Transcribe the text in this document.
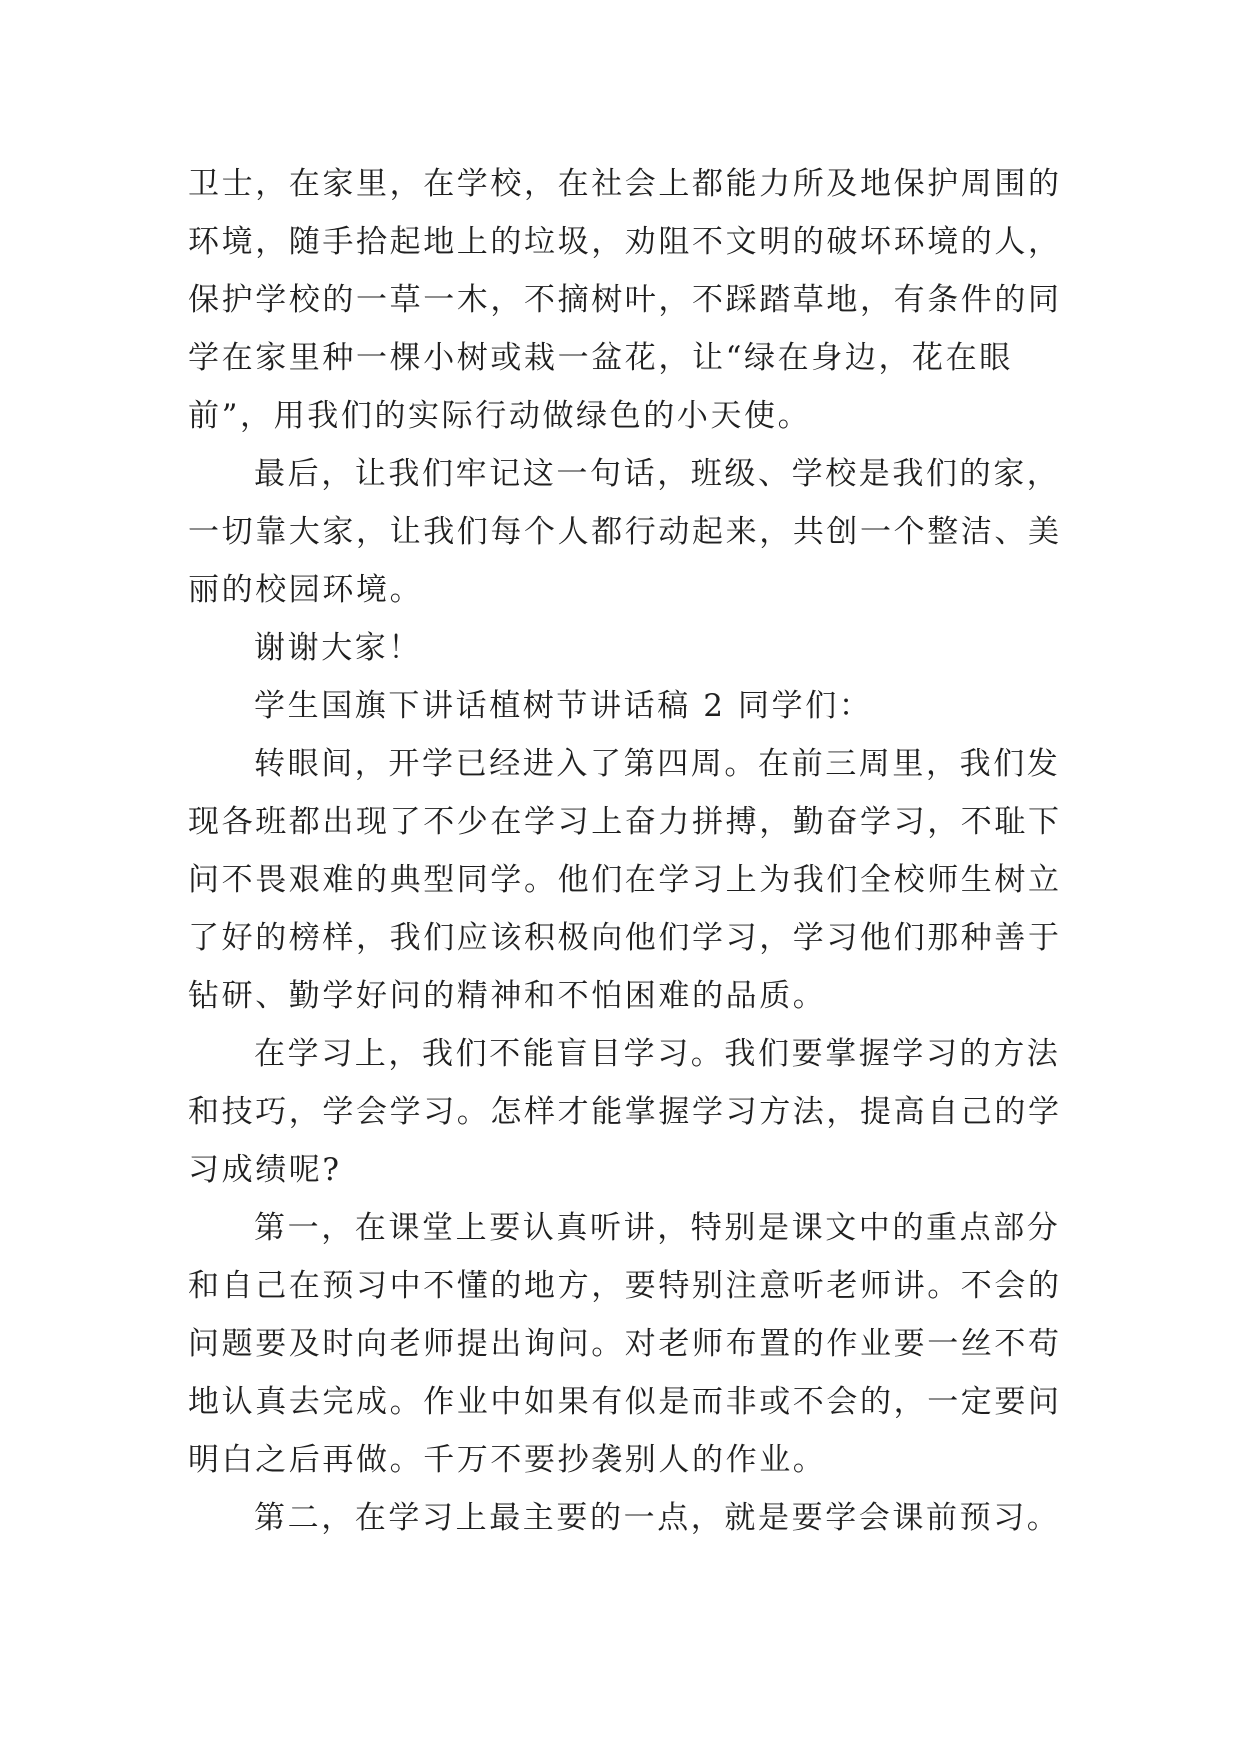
卫士，在家里，在学校，在社会上都能力所及地保护周围的
环境，随手拾起地上的垃圾，劝阻不文明的破坏环境的人，
保护学校的一草一木，不摘树叶，不踩踏草地，有条件的同
学在家里种一棵小树或栽一盆花，让“绿在身边，花在眼
前”，用我们的实际行动做绿色的小天使。
最后，让我们牢记这一句话，班级、学校是我们的家，
一切靠大家，让我们每个人都行动起来，共创一个整洁、美
丽的校园环境。
谢谢大家！
学生国旗下讲话植树节讲话稿 2 同学们：
转眼间，开学已经进入了第四周。在前三周里，我们发
现各班都出现了不少在学习上奋力拼搏，勤奋学习，不耻下
问不畏艰难的典型同学。他们在学习上为我们全校师生树立
了好的榜样，我们应该积极向他们学习，学习他们那种善于
钻研、勤学好问的精神和不怕困难的品质。
在学习上，我们不能盲目学习。我们要掌握学习的方法
和技巧，学会学习。怎样才能掌握学习方法，提高自己的学
习成绩呢?
第一，在课堂上要认真听讲，特别是课文中的重点部分
和自己在预习中不懂的地方，要特别注意听老师讲。不会的
问题要及时向老师提出询问。对老师布置的作业要一丝不苟
地认真去完成。作业中如果有似是而非或不会的，一定要问
明白之后再做。千万不要抄袭别人的作业。
第二，在学习上最主要的一点，就是要学会课前预习。
